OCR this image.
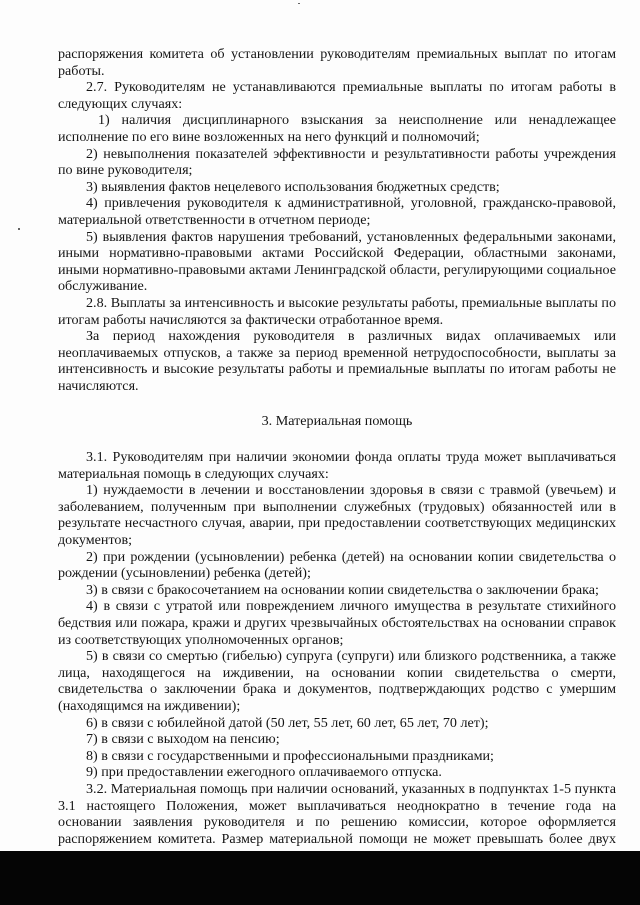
распоряжения комитета об установлении руководителям премиальных выплат по итогам работы.

2.7. Руководителям не устанавливаются премиальные выплаты по итогам работы в следующих случаях:

1) наличия дисциплинарного взыскания за неисполнение или ненадлежащее исполнение по его вине возложенных на него функций и полномочий;

2) невыполнения показателей эффективности и результативности работы учреждения по вине руководителя;

3) выявления фактов нецелевого использования бюджетных средств;

4) привлечения руководителя к административной, уголовной, гражданско-правовой, материальной ответственности в отчетном периоде;

5) выявления фактов нарушения требований, установленных федеральными законами, иными нормативно-правовыми актами Российской Федерации, областными законами, иными нормативно-правовыми актами Ленинградской области, регулирующими социальное обслуживание.

2.8. Выплаты за интенсивность и высокие результаты работы, премиальные выплаты по итогам работы начисляются за фактически отработанное время.

За период нахождения руководителя в различных видах оплачиваемых или неоплачиваемых отпусков, а также за период временной нетрудоспособности, выплаты за интенсивность и высокие результаты работы и премиальные выплаты по итогам работы не начисляются.

3. Материальная помощь

3.1. Руководителям при наличии экономии фонда оплаты труда может выплачиваться материальная помощь в следующих случаях:

1) нуждаемости в лечении и восстановлении здоровья в связи с травмой (увечьем) и заболеванием, полученным при выполнении служебных (трудовых) обязанностей или в результате несчастного случая, аварии, при предоставлении соответствующих медицинских документов;

2) при рождении (усыновлении) ребенка (детей) на основании копии свидетельства о рождении (усыновлении) ребенка (детей);

3) в связи с бракосочетанием на основании копии свидетельства о заключении брака;

4) в связи с утратой или повреждением личного имущества в результате стихийного бедствия или пожара, кражи и других чрезвычайных обстоятельствах на основании справок из соответствующих уполномоченных органов;

5) в связи со смертью (гибелью) супруга (супруги) или близкого родственника, а также лица, находящегося на иждивении, на основании копии свидетельства о смерти, свидетельства о заключении брака и документов, подтверждающих родство с умершим (находящимся на иждивении);

6) в связи с юбилейной датой (50 лет, 55 лет, 60 лет, 65 лет, 70 лет);

7) в связи с выходом на пенсию;

8) в связи с государственными и профессиональными праздниками;

9) при предоставлении ежегодного оплачиваемого отпуска.

3.2. Материальная помощь при наличии оснований, указанных в подпунктах 1-5 пункта 3.1 настоящего Положения, может выплачиваться неоднократно в течение года на основании заявления руководителя и по решению комиссии, которое оформляется распоряжением комитета. Размер материальной помощи не может превышать более двух
